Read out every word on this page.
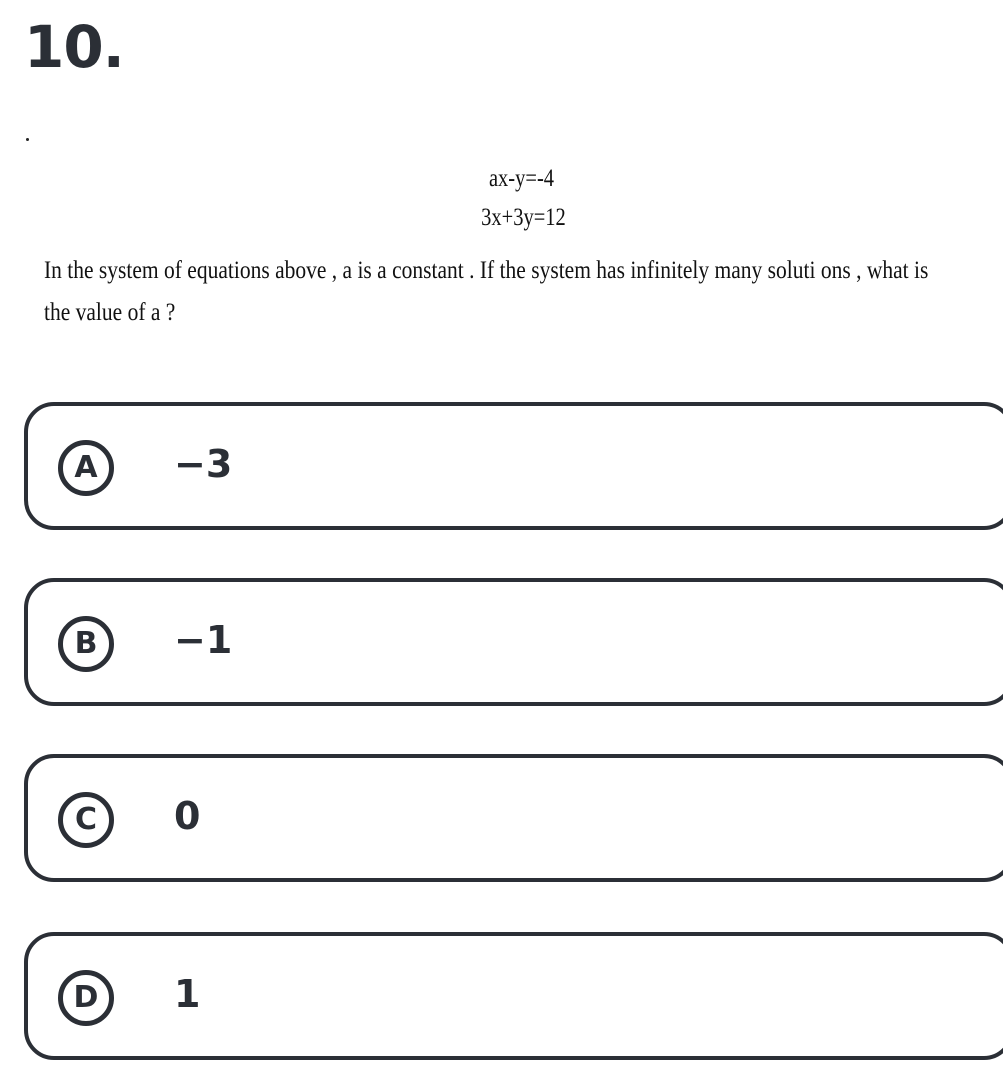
10.
ax-y=-4
3x+3y=12
In the system of equations above , a is a constant . If the system has infinitely many soluti ons , what is the value of a ?
A	−3
B	−1
C	0
D	1
